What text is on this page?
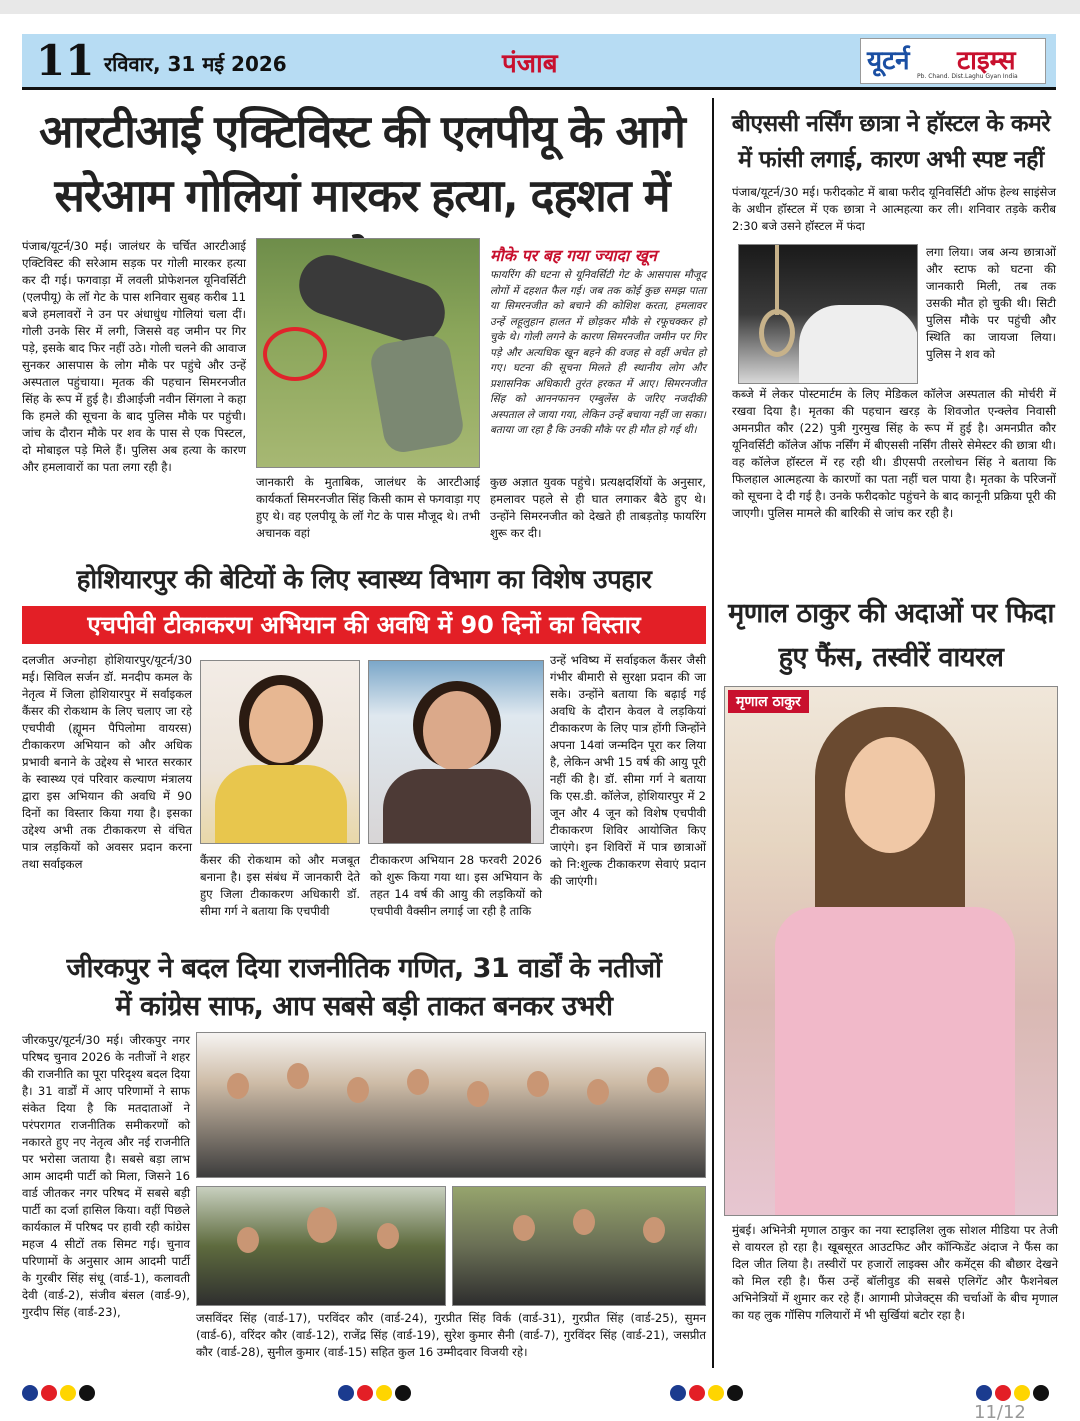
11 रविवार, 31 मई 2026	पंजाब	यूटर्न टाइम्स
Pb. Chand. Dist.Laghu Gyan India
आरटीआई एक्टिविस्ट की एलपीयू के आगे
सरेआम गोलियां मारकर हत्या, दहशत में
पंजाब/यूटर्न/30 मई। जालंधर के चर्चित आरटीआई एक्टिविस्ट की सरेआम सड़क पर गोली मारकर हत्या कर दी गई। फगवाड़ा में लवली प्रोफेशनल यूनिवर्सिटी (एलपीयू) के लॉ गेट के पास शनिवार सुबह करीब 11 बजे हमलावरों ने उन पर अंधाधुंध गोलियां चला दीं। गोली उनके सिर में लगी, जिससे वह जमीन पर गिर पड़े, इसके बाद फिर नहीं उठे। गोली चलने की आवाज सुनकर आसपास के लोग मौके पर पहुंचे और उन्हें अस्पताल पहुंचाया। मृतक की पहचान सिमरनजीत सिंह के रूप में हुई है। डीआईजी नवीन सिंगला ने कहा कि हमले की सूचना के बाद पुलिस मौके पर पहुंची। जांच के दौरान मौके पर शव के पास से एक पिस्टल, दो मोबाइल पड़े मिले हैं। पुलिस अब हत्या के कारण और हमलावारों का पता लगा रही है।
मौके पर बह गया ज्यादा खून
फायरिंग की घटना से यूनिवर्सिटी गेट के आसपास मौजूद लोगों में दहशत फैल गई। जब तक कोई कुछ समझ पाता या सिमरनजीत को बचाने की कोशिश करता, हमलावर उन्हें लहूलुहान हालत में छोड़कर मौके से रफूचक्कर हो चुके थे। गोली लगने के कारण सिमरनजीत जमीन पर गिर पड़े और अत्यधिक खून बहने की वजह से वहीं अचेत हो गए। घटना की सूचना मिलते ही स्थानीय लोग और प्रशासनिक अधिकारी तुरंत हरकत में आए। सिमरनजीत सिंह को आननफानन एम्बुलेंस के जरिए नजदीकी अस्पताल ले जाया गया, लेकिन उन्हें बचाया नहीं जा सका। बताया जा रहा है कि उनकी मौके पर ही मौत हो गई थी।
जानकारी के मुताबिक, जालंधर के आरटीआई कार्यकर्ता सिमरनजीत सिंह किसी काम से फगवाड़ा गए हुए थे। वह एलपीयू के लॉ गेट के पास मौजूद थे। तभी अचानक वहां
कुछ अज्ञात युवक पहुंचे। प्रत्यक्षदर्शियों के अनुसार, हमलावर पहले से ही घात लगाकर बैठे हुए थे। उन्होंने सिमरनजीत को देखते ही ताबड़तोड़ फायरिंग शुरू कर दी।
होशियारपुर की बेटियों के लिए स्वास्थ्य विभाग का विशेष उपहार
एचपीवी टीकाकरण अभियान की अवधि में 90 दिनों का विस्तार
दलजीत अज्नोहा होशियारपुर/यूटर्न/30 मई। सिविल सर्जन डॉ. मनदीप कमल के नेतृत्व में जिला होशियारपुर में सर्वाइकल कैंसर की रोकथाम के लिए चलाए जा रहे एचपीवी (ह्यूमन पैपिलोमा वायरस) टीकाकरण अभियान को और अधिक प्रभावी बनाने के उद्देश्य से भारत सरकार के स्वास्थ्य एवं परिवार कल्याण मंत्रालय द्वारा इस अभियान की अवधि में 90 दिनों का विस्तार किया गया है। इसका उद्देश्य अभी तक टीकाकरण से वंचित पात्र लड़कियों को अवसर प्रदान करना तथा सर्वाइकल	कैंसर की रोकथाम को और मजबूत बनाना है। इस संबंध में जानकारी देते हुए जिला टीकाकरण अधिकारी डॉ. सीमा गर्ग ने बताया कि एचपीवी
टीकाकरण अभियान 28 फरवरी 2026 को शुरू किया गया था। इस अभियान के तहत 14 वर्ष की आयु की लड़कियों को एचपीवी वैक्सीन लगाई जा रही है ताकि
उन्हें भविष्य में सर्वाइकल कैंसर जैसी गंभीर बीमारी से सुरक्षा प्रदान की जा सके। उन्होंने बताया कि बढ़ाई गई अवधि के दौरान केवल वे लड़कियां टीकाकरण के लिए पात्र होंगी जिन्होंने अपना 14वां जन्मदिन पूरा कर लिया है, लेकिन अभी 15 वर्ष की आयु पूरी नहीं की है। डॉ. सीमा गर्ग ने बताया कि एस.डी. कॉलेज, होशियारपुर में 2 जून और 4 जून को विशेष एचपीवी टीकाकरण शिविर आयोजित किए जाएंगे। इन शिविरों में पात्र छात्राओं को नि:शुल्क टीकाकरण सेवाएं प्रदान की जाएंगी।
जीरकपुर ने बदल दिया राजनीतिक गणित, 31 वार्डों के नतीजों
में कांग्रेस साफ, आप सबसे बड़ी ताकत बनकर उभरी
जीरकपुर/यूटर्न/30 मई। जीरकपुर नगर परिषद चुनाव 2026 के नतीजों ने शहर की राजनीति का पूरा परिदृश्य बदल दिया है। 31 वार्डों में आए परिणामों ने साफ संकेत दिया है कि मतदाताओं ने परंपरागत राजनीतिक समीकरणों को नकारते हुए नए नेतृत्व और नई राजनीति पर भरोसा जताया है। सबसे बड़ा लाभ आम आदमी पार्टी को मिला, जिसने 16 वार्ड जीतकर नगर परिषद में सबसे बड़ी पार्टी का दर्जा हासिल किया। वहीं पिछले कार्यकाल में परिषद पर हावी रही कांग्रेस महज 4 सीटों तक सिमट गई। चुनाव परिणामों के अनुसार आम आदमी पार्टी के गुरबीर सिंह संधू (वार्ड-1), कलावती देवी (वार्ड-2), संजीव बंसल (वार्ड-9), गुरदीप सिंह (वार्ड-23),	जसविंदर सिंह (वार्ड-17), परविंदर कौर (वार्ड-24), गुरप्रीत सिंह विर्क (वार्ड-31), गुरप्रीत सिंह (वार्ड-25), सुमन (वार्ड-6), वरिंदर कौर (वार्ड-12), राजेंद्र सिंह (वार्ड-19), सुरेश कुमार सैनी (वार्ड-7), गुरविंदर सिंह (वार्ड-21), जसप्रीत कौर (वार्ड-28), सुनील कुमार (वार्ड-15) सहित कुल 16 उम्मीदवार विजयी रहे।
बीएससी नर्सिंग छात्रा ने हॉस्टल के कमरे में फांसी लगाई, कारण अभी स्पष्ट नहीं
पंजाब/यूटर्न/30 मई। फरीदकोट में बाबा फरीद यूनिवर्सिटी ऑफ हेल्थ साइंसेज के अधीन हॉस्टल में एक छात्रा ने आत्महत्या कर ली। शनिवार तड़के करीब 2:30 बजे उसने हॉस्टल में फंदा
लगा लिया। जब अन्य छात्राओं और स्टाफ को घटना की जानकारी मिली, तब तक उसकी मौत हो चुकी थी। सिटी पुलिस मौके पर पहुंची और स्थिति का जायजा लिया। पुलिस ने शव को
कब्जे में लेकर पोस्टमार्टम के लिए मेडिकल कॉलेज अस्पताल की मोर्चरी में रखवा दिया है। मृतका की पहचान खरड़ के शिवजोत एन्क्लेव निवासी अमनप्रीत कौर (22) पुत्री गुरमुख सिंह के रूप में हुई है। अमनप्रीत कौर यूनिवर्सिटी कॉलेज ऑफ नर्सिंग में बीएससी नर्सिंग तीसरे सेमेस्टर की छात्रा थी। वह कॉलेज हॉस्टल में रह रही थी। डीएसपी तरलोचन सिंह ने बताया कि फिलहाल आत्महत्या के कारणों का पता नहीं चल पाया है। मृतका के परिजनों को सूचना दे दी गई है। उनके फरीदकोट पहुंचने के बाद कानूनी प्रक्रिया पूरी की जाएगी। पुलिस मामले की बारिकी से जांच कर रही है।
मृणाल ठाकुर की अदाओं पर फिदा हुए फैंस, तस्वीरें वायरल
मृणाल ठाकुर
मुंबई। अभिनेत्री मृणाल ठाकुर का नया स्टाइलिश लुक सोशल मीडिया पर तेजी से वायरल हो रहा है। खूबसूरत आउटफिट और कॉन्फिडेंट अंदाज ने फैंस का दिल जीत लिया है। तस्वीरों पर हजारों लाइक्स और कमेंट्स की बौछार देखने को मिल रही है। फैंस उन्हें बॉलीवुड की सबसे एलिगेंट और फैशनेबल अभिनेत्रियों में शुमार कर रहे हैं। आगामी प्रोजेक्ट्स की चर्चाओं के बीच मृणाल का यह लुक गॉसिप गलियारों में भी सुर्खियां बटोर रहा है।
11/12
